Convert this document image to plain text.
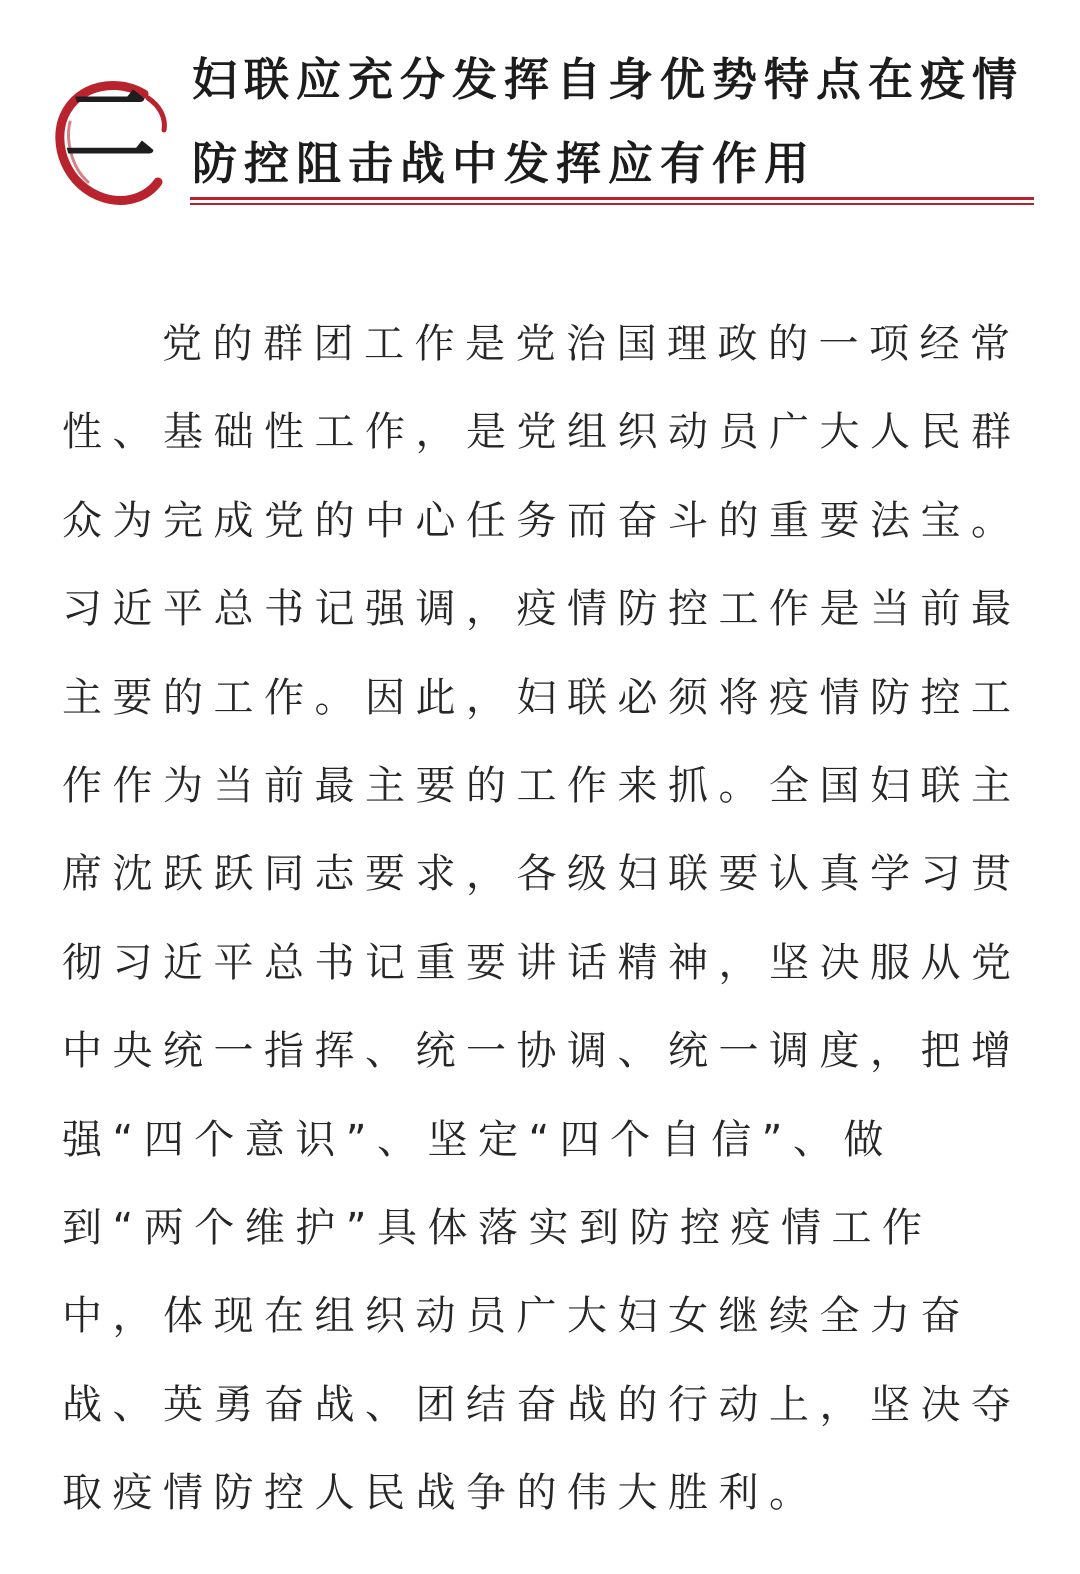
二 妇联应充分发挥自身优势特点在疫情防控阻击战中发挥应有作用

党的群团工作是党治国理政的一项经常性、基础性工作，是党组织动员广大人民群众为完成党的中心任务而奋斗的重要法宝。习近平总书记强调，疫情防控工作是当前最主要的工作。因此，妇联必须将疫情防控工作作为当前最主要的工作来抓。全国妇联主席沈跃跃同志要求，各级妇联要认真学习贯彻习近平总书记重要讲话精神，坚决服从党中央统一指挥、统一协调、统一调度，把增强“四个意识”、坚定“四个自信”、做到“两个维护”具体落实到防控疫情工作中，体现在组织动员广大妇女继续全力奋战、英勇奋战、团结奋战的行动上，坚决夺取疫情防控人民战争的伟大胜利。
